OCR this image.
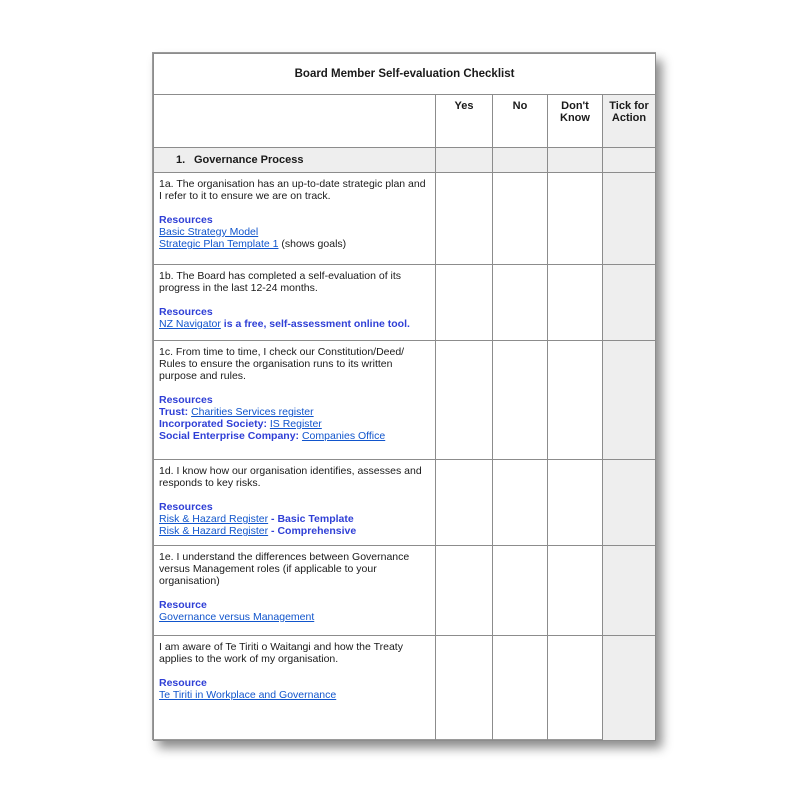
Board Member Self-evaluation Checklist				
	Yes	No	Don't Know	Tick for Action

1. Governance Process				

1a. The organisation has an up-to-date strategic plan and I refer to it to ensure we are on track.
Resources
Basic Strategy Model
Strategic Plan Template 1 (shows goals)				

1b. The Board has completed a self-evaluation of its progress in the last 12-24 months.
Resources
NZ Navigator is a free, self-assessment online tool.				

1c. From time to time, I check our Constitution/Deed/ Rules to ensure the organisation runs to its written purpose and rules.
Resources
Trust: Charities Services register
Incorporated Society: IS Register
Social Enterprise Company: Companies Office				

1d. I know how our organisation identifies, assesses and responds to key risks.
Resources
Risk & Hazard Register - Basic Template
Risk & Hazard Register - Comprehensive				

1e. I understand the differences between Governance versus Management roles (if applicable to your organisation)
Resource
Governance versus Management				

I am aware of Te Tiriti o Waitangi and how the Treaty applies to the work of my organisation.
Resource
Te Tiriti in Workplace and Governance				
